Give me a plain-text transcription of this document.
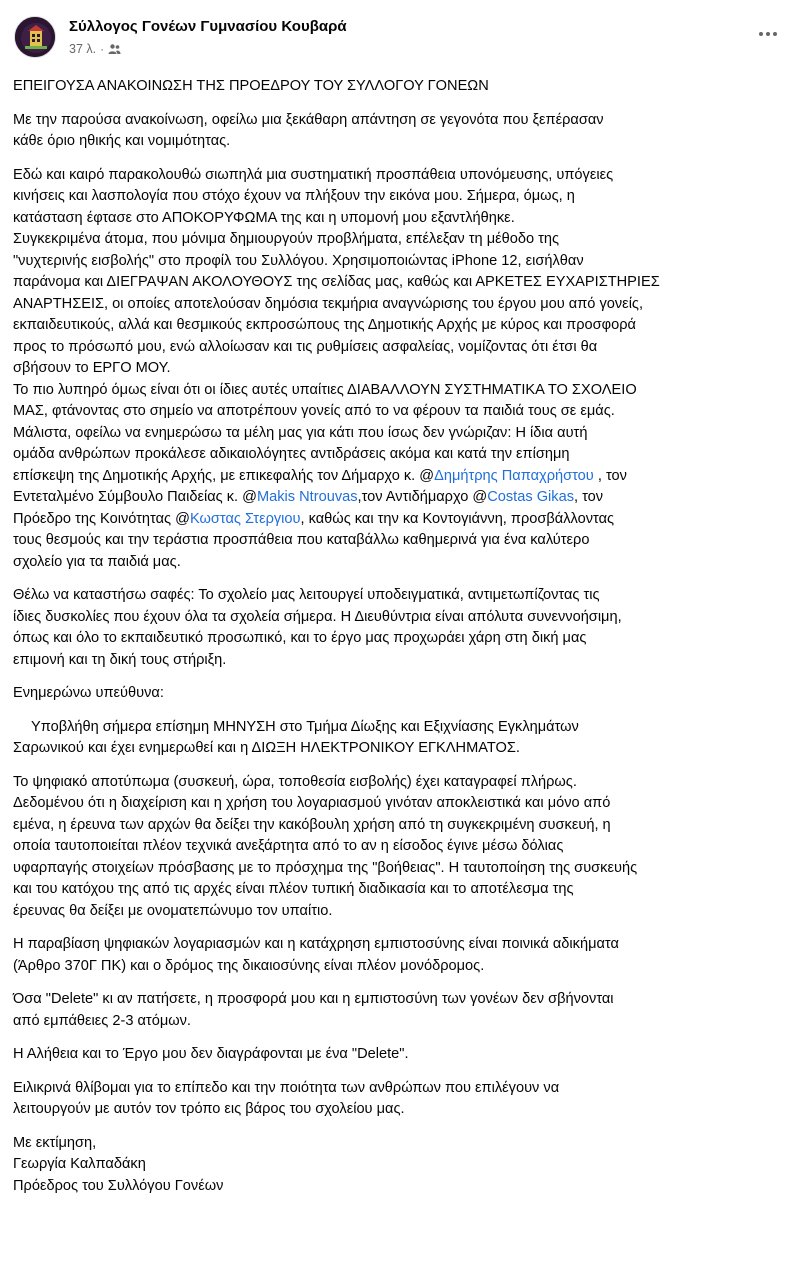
Σύλλογος Γονέων Γυμνασίου Κουβαρά
37 λ. ·

ΕΠΕΙΓΟΥΣΑ ΑΝΑΚΟΙΝΩΣΗ ΤΗΣ ΠΡΟΕΔΡΟΥ ΤΟΥ ΣΥΛΛΟΓΟΥ ΓΟΝΕΩΝ

Με την παρούσα ανακοίνωση, οφείλω μια ξεκάθαρη απάντηση σε γεγονότα που ξεπέρασαν
κάθε όριο ηθικής και νομιμότητας.

Εδώ και καιρό παρακολουθώ σιωπηλά μια συστηματική προσπάθεια υπονόμευσης, υπόγειες
κινήσεις και λασπολογία που στόχο έχουν να πλήξουν την εικόνα μου. Σήμερα, όμως, η
κατάσταση έφτασε στο ΑΠΟΚΟΡΥΦΩΜΑ της και η υπομονή μου εξαντλήθηκε.
Συγκεκριμένα άτομα, που μόνιμα δημιουργούν προβλήματα, επέλεξαν τη μέθοδο της
"νυχτερινής εισβολής" στο προφίλ του Συλλόγου. Χρησιμοποιώντας iPhone 12, εισήλθαν
παράνομα και ΔΙΕΓΡΑΨΑΝ ΑΚΟΛΟΥΘΟΥΣ της σελίδας μας, καθώς και ΑΡΚΕΤΕΣ ΕΥΧΑΡΙΣΤΗΡΙΕΣ
ΑΝΑΡΤΗΣΕΙΣ, οι οποίες αποτελούσαν δημόσια τεκμήρια αναγνώρισης του έργου μου από γονείς,
εκπαιδευτικούς, αλλά και θεσμικούς εκπροσώπους της Δημοτικής Αρχής με κύρος και προσφορά
προς το πρόσωπό μου, ενώ αλλοίωσαν και τις ρυθμίσεις ασφαλείας, νομίζοντας ότι έτσι θα
σβήσουν το ΕΡΓΟ ΜΟΥ.
Το πιο λυπηρό όμως είναι ότι οι ίδιες αυτές υπαίτιες ΔΙΑΒΑΛΛΟΥΝ ΣΥΣΤΗΜΑΤΙΚΑ ΤΟ ΣΧΟΛΕΙΟ
ΜΑΣ, φτάνοντας στο σημείο να αποτρέπουν γονείς από το να φέρουν τα παιδιά τους σε εμάς.
Μάλιστα, οφείλω να ενημερώσω τα μέλη μας για κάτι που ίσως δεν γνώριζαν: Η ίδια αυτή
ομάδα ανθρώπων προκάλεσε αδικαιολόγητες αντιδράσεις ακόμα και κατά την επίσημη
επίσκεψη της Δημοτικής Αρχής, με επικεφαλής τον Δήμαρχο κ. @Δημήτρης Παπαχρήστου , τον
Εντεταλμένο Σύμβουλο Παιδείας κ. @Makis Ntrouvas,τον Αντιδήμαρχο @Costas Gikas, τον
Πρόεδρο της Κοινότητας @Κωστας Στεργιου, καθώς και την κα Κοντογιάννη, προσβάλλοντας
τους θεσμούς και την τεράστια προσπάθεια που καταβάλλω καθημερινά για ένα καλύτερο
σχολείο για τα παιδιά μας.

Θέλω να καταστήσω σαφές: Το σχολείο μας λειτουργεί υποδειγματικά, αντιμετωπίζοντας τις
ίδιες δυσκολίες που έχουν όλα τα σχολεία σήμερα. Η Διευθύντρια είναι απόλυτα συνεννοήσιμη,
όπως και όλο το εκπαιδευτικό προσωπικό, και το έργο μας προχωράει χάρη στη δική μας
επιμονή και τη δική τους στήριξη.

Ενημερώνω υπεύθυνα:

Υποβλήθη σήμερα επίσημη ΜΗΝΥΣΗ στο Τμήμα Δίωξης και Εξιχνίασης Εγκλημάτων
Σαρωνικού και έχει ενημερωθεί και η ΔΙΩΞΗ ΗΛΕΚΤΡΟΝΙΚΟΥ ΕΓΚΛΗΜΑΤΟΣ.

Το ψηφιακό αποτύπωμα (συσκευή, ώρα, τοποθεσία εισβολής) έχει καταγραφεί πλήρως.
Δεδομένου ότι η διαχείριση και η χρήση του λογαριασμού γινόταν αποκλειστικά και μόνο από
εμένα, η έρευνα των αρχών θα δείξει την κακόβουλη χρήση από τη συγκεκριμένη συσκευή, η
οποία ταυτοποιείται πλέον τεχνικά ανεξάρτητα από το αν η είσοδος έγινε μέσω δόλιας
υφαρπαγής στοιχείων πρόσβασης με το πρόσχημα της "βοήθειας". Η ταυτοποίηση της συσκευής
και του κατόχου της από τις αρχές είναι πλέον τυπική διαδικασία και το αποτέλεσμα της
έρευνας θα δείξει με ονοματεπώνυμο τον υπαίτιο.

Η παραβίαση ψηφιακών λογαριασμών και η κατάχρηση εμπιστοσύνης είναι ποινικά αδικήματα
(Άρθρο 370Γ ΠΚ) και ο δρόμος της δικαιοσύνης είναι πλέον μονόδρομος.

Όσα "Delete" κι αν πατήσετε, η προσφορά μου και η εμπιστοσύνη των γονέων δεν σβήνονται
από εμπάθειες 2-3 ατόμων.

Η Αλήθεια και το Έργο μου δεν διαγράφονται με ένα "Delete".

Ειλικρινά θλίβομαι για το επίπεδο και την ποιότητα των ανθρώπων που επιλέγουν να
λειτουργούν με αυτόν τον τρόπο εις βάρος του σχολείου μας.

Με εκτίμηση,
Γεωργία Καλπαδάκη
Πρόεδρος του Συλλόγου Γονέων
